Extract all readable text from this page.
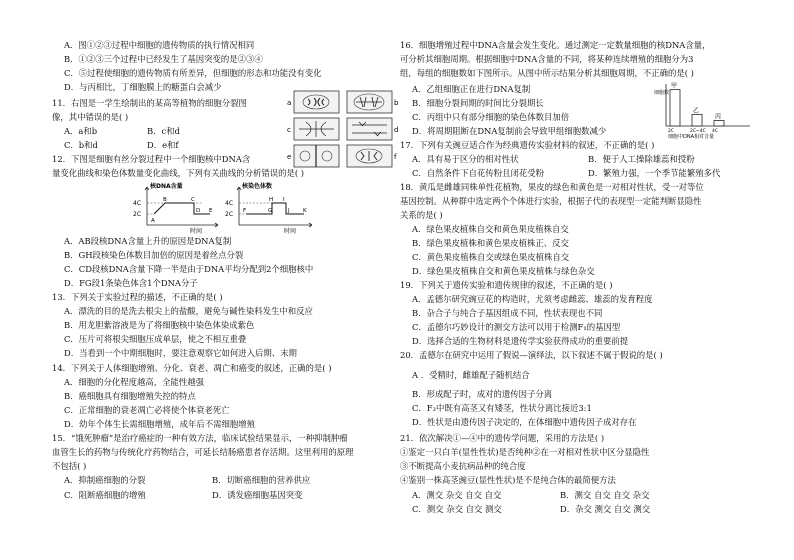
A．图①②③过程中细胞的遗传物质的执行情况相同
B．①②③三个过程中已经发生了基因突变的是②③④
C．⑤过程使细胞的遗传物质有所差异，但细胞的形态和功能没有变化
D．与丙相比，丁细胞膜上的糖蛋白会减少
11．右图是一学生绘制出的某高等植物的细胞分裂图
像，其中错误的是( )
A．a和b	B．c和d
C．b和d	D．e和f
a	b
c	d
e	f
12．下图是细胞有丝分裂过程中一个细胞核中DNA含
量变化曲线和染色体数量变化曲线，下列有关曲线的分析错误的是( )
核DNA含量
4C
2C
A
B	C
D E
时间
核染色体数
4C
2C F	G
H I
J K
时间
A．AB段核DNA含量上升的原因是DNA复制
B．GH段核染色体数目加倍的原因是着丝点分裂
C．CD段核DNA含量下降一半是由于DNA平均分配到2个细胞核中
D．FG段1条染色体含1个DNA分子
13．下列关于实验过程的描述，不正确的是( )
A．漂洗的目的是洗去根尖上的盐酸，避免与碱性染料发生中和反应
B．用龙胆紫溶液是为了将细胞核中染色体染成紫色
C．压片可将根尖细胞压成单层，使之不相互重叠
D．当看到一个中期细胞时，要注意观察它如何进入后期、末期
14．下列关于人体细胞增殖、分化、衰老、凋亡和癌变的叙述，正确的是( )
A．细胞的分化程度越高，全能性越强
B．癌细胞具有细胞增殖失控的特点
C．正常细胞的衰老凋亡必将使个体衰老死亡
D．幼年个体生长需细胞增殖，成年后不需细胞增殖
15．“饿死肿瘤”是治疗癌症的一种有效方法，临床试验结果显示，一种抑制肿瘤
血管生长的药物与传统化疗药物结合，可延长结肠癌患者存活期。这里利用的原理
不包括( )
A．抑制癌细胞的分裂	B．切断癌细胞的营养供应
C．阻断癌细胞的增殖	D．诱发癌细胞基因突变
16．细胞增殖过程中DNA含量会发生变化。通过测定一定数量细胞的核DNA含量，
可分析其细胞周期。根据细胞中DNA含量的不同，将某种连续增殖的细胞分为3
组，每组的细胞数如下图所示。从图中所示结果分析其细胞周期，不正确的是( )
A．乙组细胞正在进行DNA复制
B．细胞分裂间期的时间比分裂期长
C．丙组中只有部分细胞的染色体数目加倍
D．将周期阻断在DNA复制前会导致甲组细胞数减少
细胞数
甲
2C
乙
2C~4C
丙
4C
细胞中DNA相对含量
17．下列有关豌豆适合作为经典遗传实验材料的叙述，不正确的是( )
A．具有易于区分的相对性状	B．便于人工操除雄蕊和授粉
C．自然条件下自花传粉且闭花受粉	D．繁殖力强，一个季节能繁殖多代
18．黄瓜是雌雄同株单性花植物，果皮的绿色和黄色是一对相对性状，受一对等位
基因控制。从种群中选定两个个体进行实验，根据子代的表现型一定能判断显隐性
关系的是( )
A．绿色果皮植株自交和黄色果皮植株自交
B．绿色果皮植株和黄色果皮植株正、反交
C．黄色果皮植株自交或绿色果皮植株自交
D．绿色果皮植株自交和黄色果皮植株与绿色杂交
19．下列关于遗传实验和遗传规律的叙述，不正确的是( )
A．孟德尔研究豌豆花的构造时，尤须考虑雌蕊、雄蕊的发育程度
B．杂合子与纯合子基因组成不同，性状表现也不同
C．孟德尔巧妙设计的测交方法可以用于检测F₁的基因型
D．选择合适的生物材料是遗传学实验获得成功的重要前提
20．孟德尔在研究中运用了假说—演绎法，以下叙述不属于假说的是( )
A ．受精时，雌雄配子随机结合
B．形成配子时，成对的遗传因子分离
C．F₂中既有高茎又有矮茎，性状分离比接近3:1
D．性状是由遗传因子决定的，在体细胞中遗传因子成对存在
21．依次解决①—④中的遗传学问题，采用的方法是( )
①鉴定一只白羊(显性性状)是否纯种②在一对相对性状中区分显隐性
③不断提高小麦抗病品种的纯合度
④鉴别一株高茎豌豆(显性性状)是不是纯合体的最简便方法
A．测交 杂交 自交 自交	B．测交 自交 自交 杂交
C．测交 杂交 自交 测交	D．杂交 测交 自交 测交
